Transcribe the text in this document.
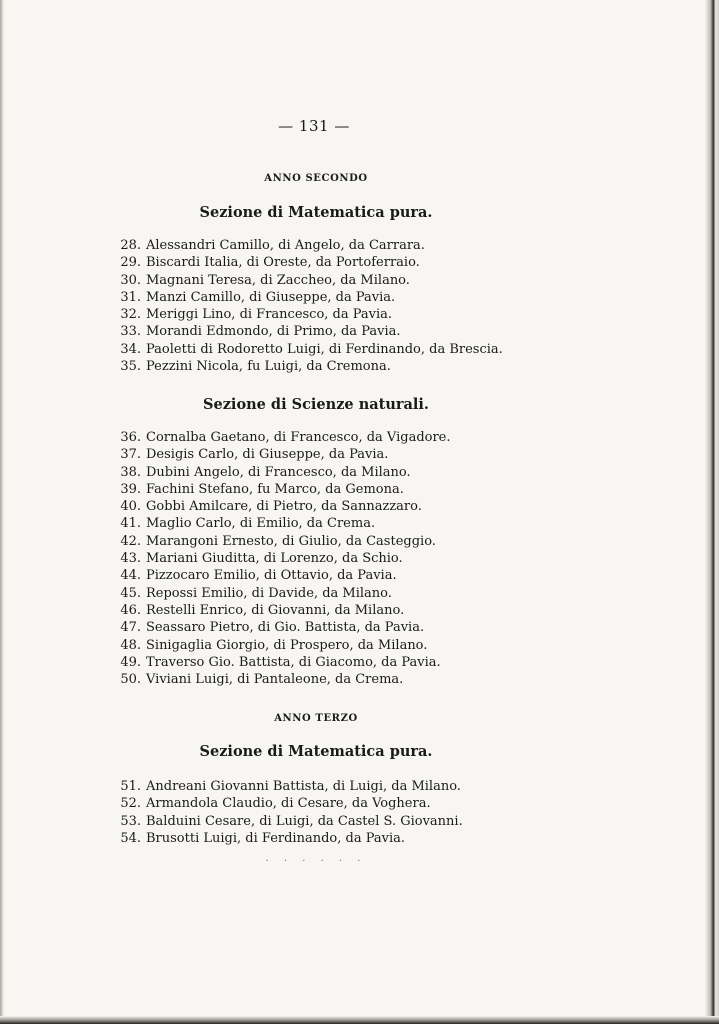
— 131 —
ANNO SECONDO
Sezione di Matematica pura.
28. Alessandri Camillo, di Angelo, da Carrara.
29. Biscardi Italia, di Oreste, da Portoferraio.
30. Magnani Teresa, di Zaccheo, da Milano.
31. Manzi Camillo, di Giuseppe, da Pavia.
32. Meriggi Lino, di Francesco, da Pavia.
33. Morandi Edmondo, di Primo, da Pavia.
34. Paoletti di Rodoretto Luigi, di Ferdinando, da Brescia.
35. Pezzini Nicola, fu Luigi, da Cremona.
Sezione di Scienze naturali.
36. Cornalba Gaetano, di Francesco, da Vigadore.
37. Desigis Carlo, di Giuseppe, da Pavia.
38. Dubini Angelo, di Francesco, da Milano.
39. Fachini Stefano, fu Marco, da Gemona.
40. Gobbi Amilcare, di Pietro, da Sannazzaro.
41. Maglio Carlo, di Emilio, da Crema.
42. Marangoni Ernesto, di Giulio, da Casteggio.
43. Mariani Giuditta, di Lorenzo, da Schio.
44. Pizzocaro Emilio, di Ottavio, da Pavia.
45. Repossi Emilio, di Davide, da Milano.
46. Restelli Enrico, di Giovanni, da Milano.
47. Seassaro Pietro, di Gio. Battista, da Pavia.
48. Sinigaglia Giorgio, di Prospero, da Milano.
49. Traverso Gio. Battista, di Giacomo, da Pavia.
50. Viviani Luigi, di Pantaleone, da Crema.
ANNO TERZO
Sezione di Matematica pura.
51. Andreani Giovanni Battista, di Luigi, da Milano.
52. Armandola Claudio, di Cesare, da Voghera.
53. Balduini Cesare, di Luigi, da Castel S. Giovanni.
54. Brusotti Luigi, di Ferdinando, da Pavia.
· · · · · ·
